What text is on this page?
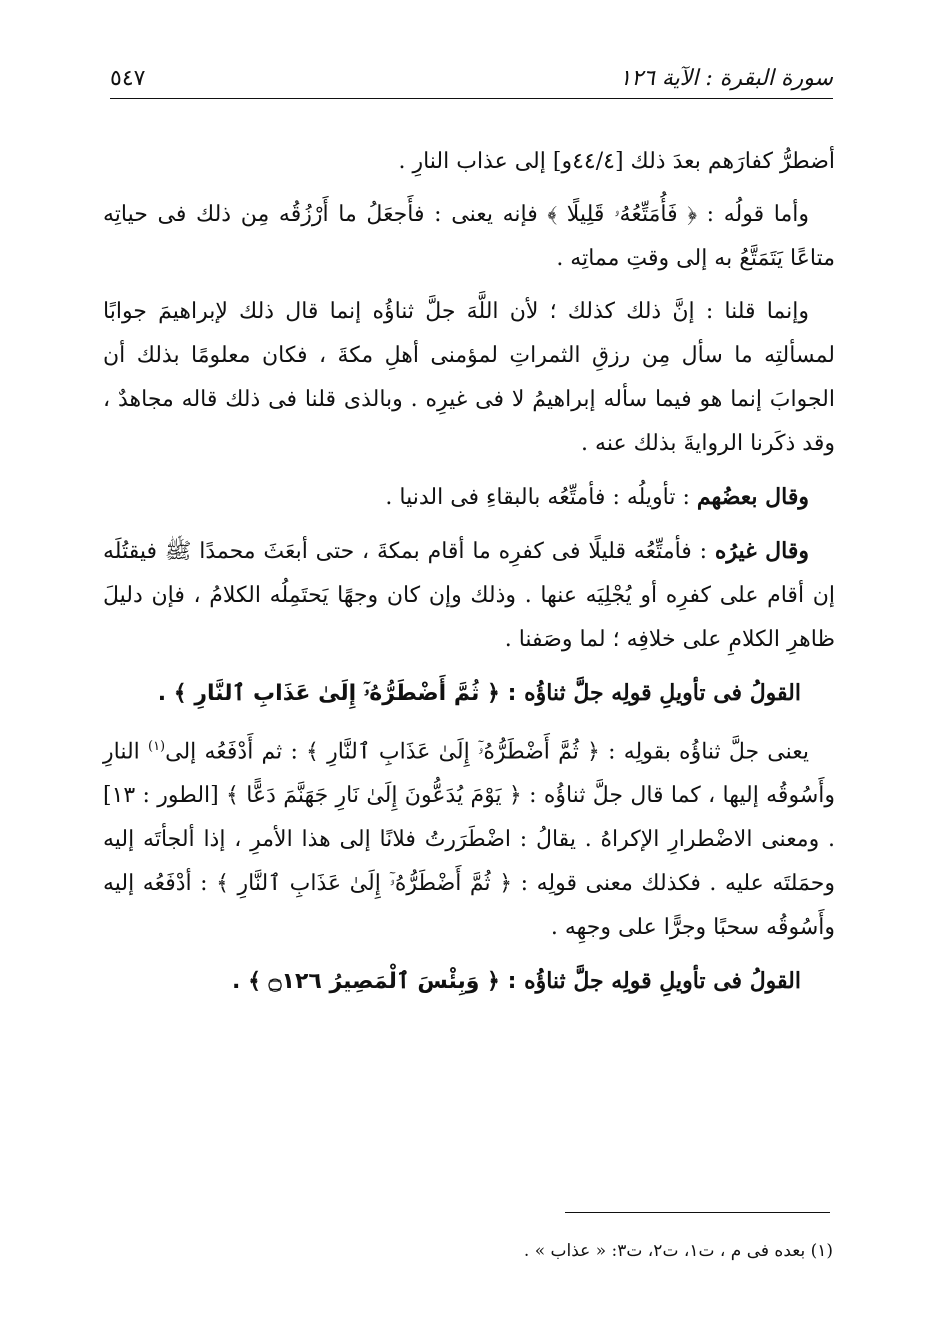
سورة البقرة : الآية ١٢٦
٥٤٧

أضطرُّ كفارَهم بعدَ ذلك [٤٤/٤و] إلى عذاب النارِ .

وأما قولُه : ﴿ فَأُمَتِّعُهُۥ قَلِيلًا ﴾ فإنه يعنى : فأَجعَلُ ما أَرْزُقُه مِن ذلك فى حياتِه متاعًا يَتَمَتَّعُ به إلى وقتِ مماتِه .

وإنما قلنا : إنَّ ذلك كذلك ؛ لأن اللَّهَ جلَّ ثناؤُه إنما قال ذلك لإبراهيمَ جوابًا لمسألتِه ما سأل مِن رزقِ الثمراتِ لمؤمنى أهلِ مكةَ ، فكان معلومًا بذلك أن الجوابَ إنما هو فيما سأله إبراهيمُ لا فى غيرِه . وبالذى قلنا فى ذلك قاله مجاهدٌ ، وقد ذكَرنا الروايةَ بذلك عنه .

وقال بعضُهم : تأويلُه : فأمتِّعُه بالبقاءِ فى الدنيا .

وقال غيرُه : فأمتِّعُه قليلًا فى كفرِه ما أقام بمكةَ ، حتى أبعَثَ محمدًا ﷺ فيقتُلَه إن أقام على كفرِه أو يُجْلِيَه عنها . وذلك وإن كان وجهًا يَحتَمِلُه الكلامُ ، فإن دليلَ ظاهرِ الكلامِ على خلافِه ؛ لما وصَفنا .

القولُ فى تأويلِ قولِه جلَّ ثناؤُه : ﴿ ثُمَّ أَضْطَرُّهُۥٓ إِلَىٰ عَذَابِ ٱلنَّارِ ﴾ .

يعنى جلَّ ثناؤُه بقولِه : ﴿ ثُمَّ أَضْطَرُّهُۥٓ إِلَىٰ عَذَابِ ٱلنَّارِ ﴾ : ثم أَدْفَعُه إلى$^{(١)}$ النارِ وأَسُوقُه إليها ، كما قال جلَّ ثناؤُه : ﴿ يَوْمَ يُدَعُّونَ إِلَىٰ نَارِ جَهَنَّمَ دَعًّا ﴾ [الطور : ١٣] . ومعنى الاضْطرارِ الإكراهُ . يقالُ : اضْطَرَرتُ فلانًا إلى هذا الأمرِ ، إذا ألجأتَه إليه وحمَلتَه عليه . فكذلك معنى قولِه : ﴿ ثُمَّ أَضْطَرُّهُۥٓ إِلَىٰ عَذَابِ ٱلنَّارِ ﴾ : أدْفَعُه إليه وأَسُوقُه سحبًا وجرًّا على وجهِه .

القولُ فى تأويلِ قولِه جلَّ ثناؤُه : ﴿ وَبِئْسَ ٱلْمَصِيرُ ۝١٢٦ ﴾ .

(١) بعده فى م ، ت١، ت٢، ت٣: « عذاب » .
